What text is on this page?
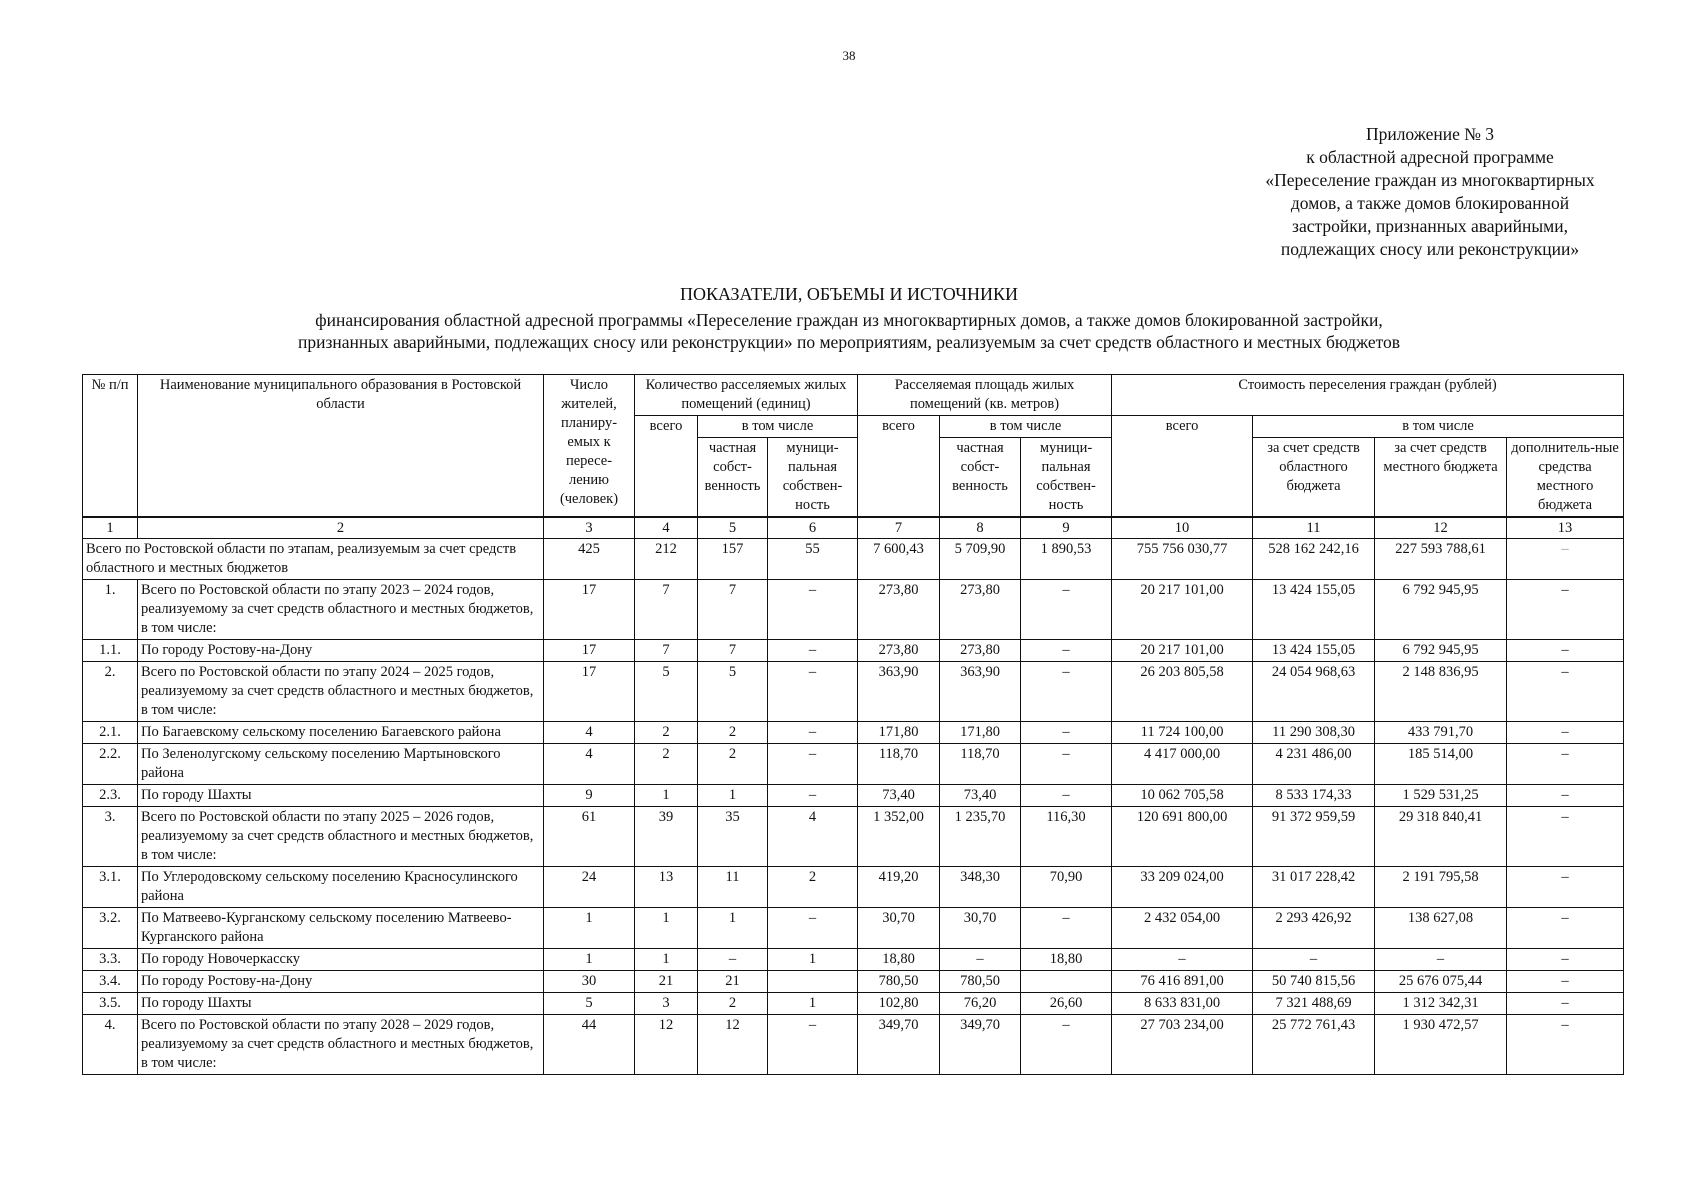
38
Приложение № 3
к областной адресной программе
«Переселение граждан из многоквартирных
домов, а также домов блокированной
застройки, признанных аварийными,
подлежащих сносу или реконструкции»
ПОКАЗАТЕЛИ, ОБЪЕМЫ И ИСТОЧНИКИ
финансирования областной адресной программы «Переселение граждан из многоквартирных домов, а также домов блокированной застройки,
признанных аварийными, подлежащих сносу или реконструкции» по мероприятиям, реализуемым за счет средств областного и местных бюджетов
№ п/п	Наименование муниципального образования в Ростовской области	Число жителей, планиру-емых к пересе-лению (человек)	Количество расселяемых жилых помещений (единиц)			Расселяемая площадь жилых помещений (кв. метров)			Стоимость переселения граждан (рублей)			
			всего	в том числе		всего	в том числе		всего	в том числе		
				частная собст-венность	муници-пальная собствен-ность		частная собст-венность	муници-пальная собствен-ность		за счет средств областного бюджета	за счет средств местного бюджета	дополнитель-ные средства местного бюджета
1	2	3	4	5	6	7	8	9	10	11	12	13
Всего по Ростовской области по этапам, реализуемым за счет средств областного и местных бюджетов		425	212	157	55	7 600,43	5 709,90	1 890,53	755 756 030,77	528 162 242,16	227 593 788,61	–
1.	Всего по Ростовской области по этапу 2023 – 2024 годов, реализуемому за счет средств областного и местных бюджетов, в том числе:	17	7	7	–	273,80	273,80	–	20 217 101,00	13 424 155,05	6 792 945,95	–
1.1.	По городу Ростову-на-Дону	17	7	7	–	273,80	273,80	–	20 217 101,00	13 424 155,05	6 792 945,95	–
2.	Всего по Ростовской области по этапу 2024 – 2025 годов, реализуемому за счет средств областного и местных бюджетов, в том числе:	17	5	5	–	363,90	363,90	–	26 203 805,58	24 054 968,63	2 148 836,95	–
2.1.	По Багаевскому сельскому поселению Багаевского района	4	2	2	–	171,80	171,80	–	11 724 100,00	11 290 308,30	433 791,70	–
2.2.	По Зеленолугскому сельскому поселению Мартыновского района	4	2	2	–	118,70	118,70	–	4 417 000,00	4 231 486,00	185 514,00	–
2.3.	По городу Шахты	9	1	1	–	73,40	73,40	–	10 062 705,58	8 533 174,33	1 529 531,25	–
3.	Всего по Ростовской области по этапу 2025 – 2026 годов, реализуемому за счет средств областного и местных бюджетов, в том числе:	61	39	35	4	1 352,00	1 235,70	116,30	120 691 800,00	91 372 959,59	29 318 840,41	–
3.1.	По Углеродовскому сельскому поселению Красносулинского района	24	13	11	2	419,20	348,30	70,90	33 209 024,00	31 017 228,42	2 191 795,58	–
3.2.	По Матвеево-Курганскому сельскому поселению Матвеево-Курганского района	1	1	1	–	30,70	30,70	–	2 432 054,00	2 293 426,92	138 627,08	–
3.3.	По городу Новочеркасску	1	1	–	1	18,80	–	18,80	–	–	–	–
3.4.	По городу Ростову-на-Дону	30	21	21		780,50	780,50		76 416 891,00	50 740 815,56	25 676 075,44	–
3.5.	По городу Шахты	5	3	2	1	102,80	76,20	26,60	8 633 831,00	7 321 488,69	1 312 342,31	–
4.	Всего по Ростовской области по этапу 2028 – 2029 годов, реализуемому за счет средств областного и местных бюджетов, в том числе:	44	12	12	–	349,70	349,70	–	27 703 234,00	25 772 761,43	1 930 472,57	–
